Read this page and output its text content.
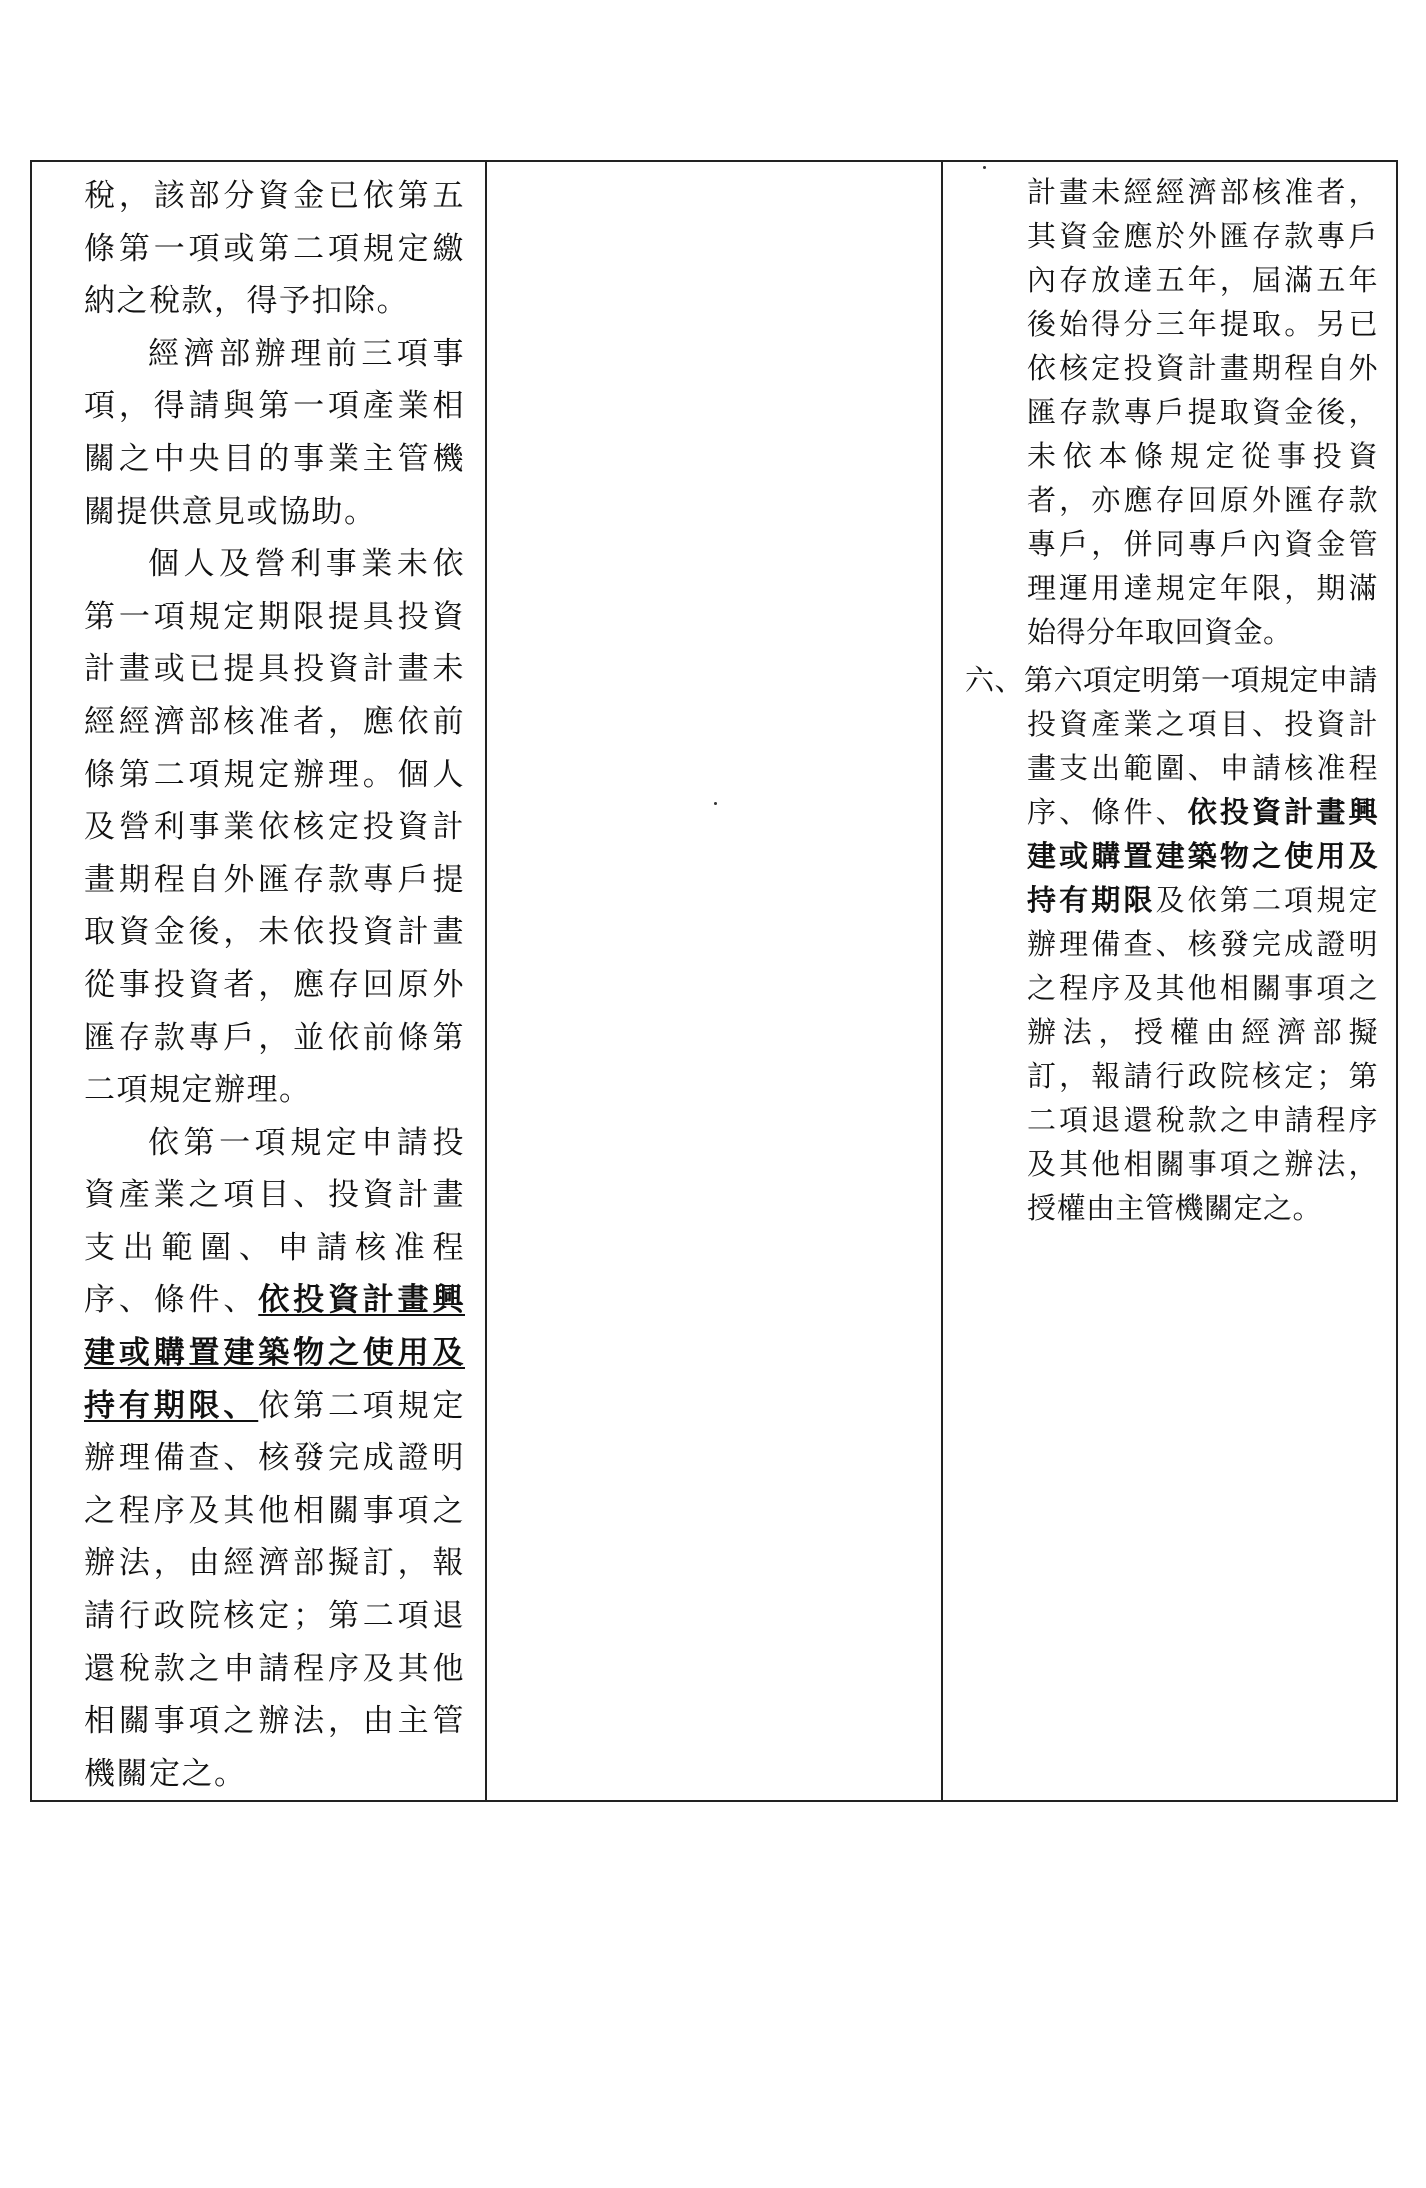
稅，該部分資金已依第五條第一項或第二項規定繳納之稅款，得予扣除。

經濟部辦理前三項事項，得請與第一項產業相關之中央目的事業主管機關提供意見或協助。

個人及營利事業未依第一項規定期限提具投資計畫或已提具投資計畫未經經濟部核准者，應依前條第二項規定辦理。個人及營利事業依核定投資計畫期程自外匯存款專戶提取資金後，未依投資計畫從事投資者，應存回原外匯存款專戶，並依前條第二項規定辦理。

依第一項規定申請投資產業之項目、投資計畫支出範圍、申請核准程序、條件、依投資計畫興建或購置建築物之使用及持有期限、依第二項規定辦理備查、核發完成證明之程序及其他相關事項之辦法，由經濟部擬訂，報請行政院核定；第二項退還稅款之申請程序及其他相關事項之辦法，由主管機關定之。

計畫未經經濟部核准者，其資金應於外匯存款專戶內存放達五年，屆滿五年後始得分三年提取。另已依核定投資計畫期程自外匯存款專戶提取資金後，未依本條規定從事投資者，亦應存回原外匯存款專戶，併同專戶內資金管理運用達規定年限，期滿始得分年取回資金。

六、第六項定明第一項規定申請投資產業之項目、投資計畫支出範圍、申請核准程序、條件、依投資計畫興建或購置建築物之使用及持有期限及依第二項規定辦理備查、核發完成證明之程序及其他相關事項之辦法，授權由經濟部擬訂，報請行政院核定；第二項退還稅款之申請程序及其他相關事項之辦法，授權由主管機關定之。
